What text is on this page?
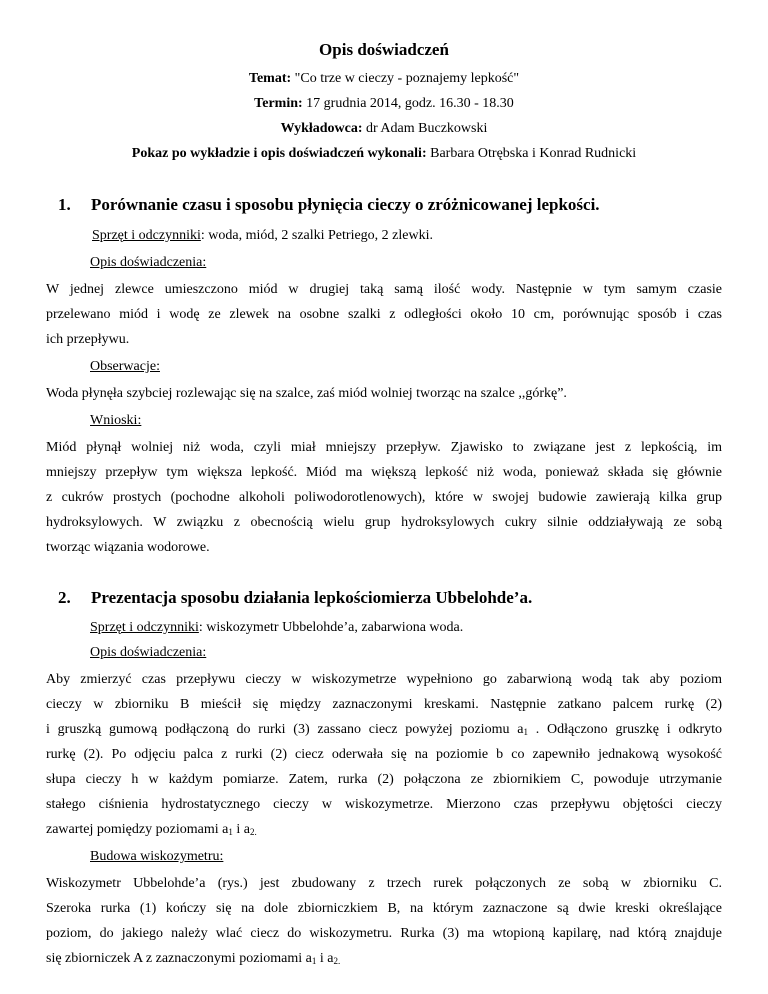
Opis doświadczeń
Temat: "Co trze w cieczy - poznajemy lepkość"
Termin: 17 grudnia 2014, godz. 16.30 - 18.30
Wykładowca: dr Adam Buczkowski
Pokaz po wykładzie i opis doświadczeń wykonali: Barbara Otrębska i Konrad Rudnicki
1. Porównanie czasu i sposobu płynięcia cieczy o zróżnicowanej lepkości.
Sprzęt i odczynniki: woda, miód, 2 szalki Petriego, 2 zlewki.
Opis doświadczenia:
W jednej zlewce umieszczono miód w drugiej taką samą ilość wody. Następnie w tym samym czasie
przelewano miód i wodę ze zlewek na osobne szalki z odległości około 10 cm, porównując sposób i czas
ich przepływu.
Obserwacje:
Woda płynęła szybciej rozlewając się na szalce, zaś miód wolniej tworząc na szalce ,,górkę”.
Wnioski:
Miód płynął wolniej niż woda, czyli miał mniejszy przepływ. Zjawisko to związane jest z lepkością, im
mniejszy przepływ tym większa lepkość. Miód ma większą lepkość niż woda, ponieważ składa się głównie
z cukrów prostych (pochodne alkoholi poliwodorotlenowych), które w swojej budowie zawierają kilka grup
hydroksylowych. W związku z obecnością wielu grup hydroksylowych cukry silnie oddziaływają ze sobą
tworząc wiązania wodorowe.
2. Prezentacja sposobu działania lepkościomierza Ubbelohde’a.
Sprzęt i odczynniki: wiskozymetr Ubbelohde’a, zabarwiona woda.
Opis doświadczenia:
Aby zmierzyć czas przepływu cieczy w wiskozymetrze wypełniono go zabarwioną wodą tak aby poziom
cieczy w zbiorniku B mieścił się między zaznaczonymi kreskami. Następnie zatkano palcem rurkę (2)
i gruszką gumową podłączoną do rurki (3) zassano ciecz powyżej poziomu $a_1$ . Odłączono gruszkę i odkryto
rurkę (2). Po odjęciu palca z rurki (2) ciecz oderwała się na poziomie b co zapewniło jednakową wysokość
słupa cieczy h w każdym pomiarze. Zatem, rurka (2) połączona ze zbiornikiem C, powoduje utrzymanie
stałego ciśnienia hydrostatycznego cieczy w wiskozymetrze. Mierzono czas przepływu objętości cieczy
zawartej pomiędzy poziomami $a_1$ i $a_{2.}$
Budowa wiskozymetru:
Wiskozymetr Ubbelohde’a (rys.) jest zbudowany z trzech rurek połączonych ze sobą w zbiorniku C.
Szeroka rurka (1) kończy się na dole zbiorniczkiem B, na którym zaznaczone są dwie kreski określające
poziom, do jakiego należy wlać ciecz do wiskozymetru. Rurka (3) ma wtopioną kapilarę, nad którą znajduje
się zbiorniczek A z zaznaczonymi poziomami $a_1$ i $a_{2.}$
